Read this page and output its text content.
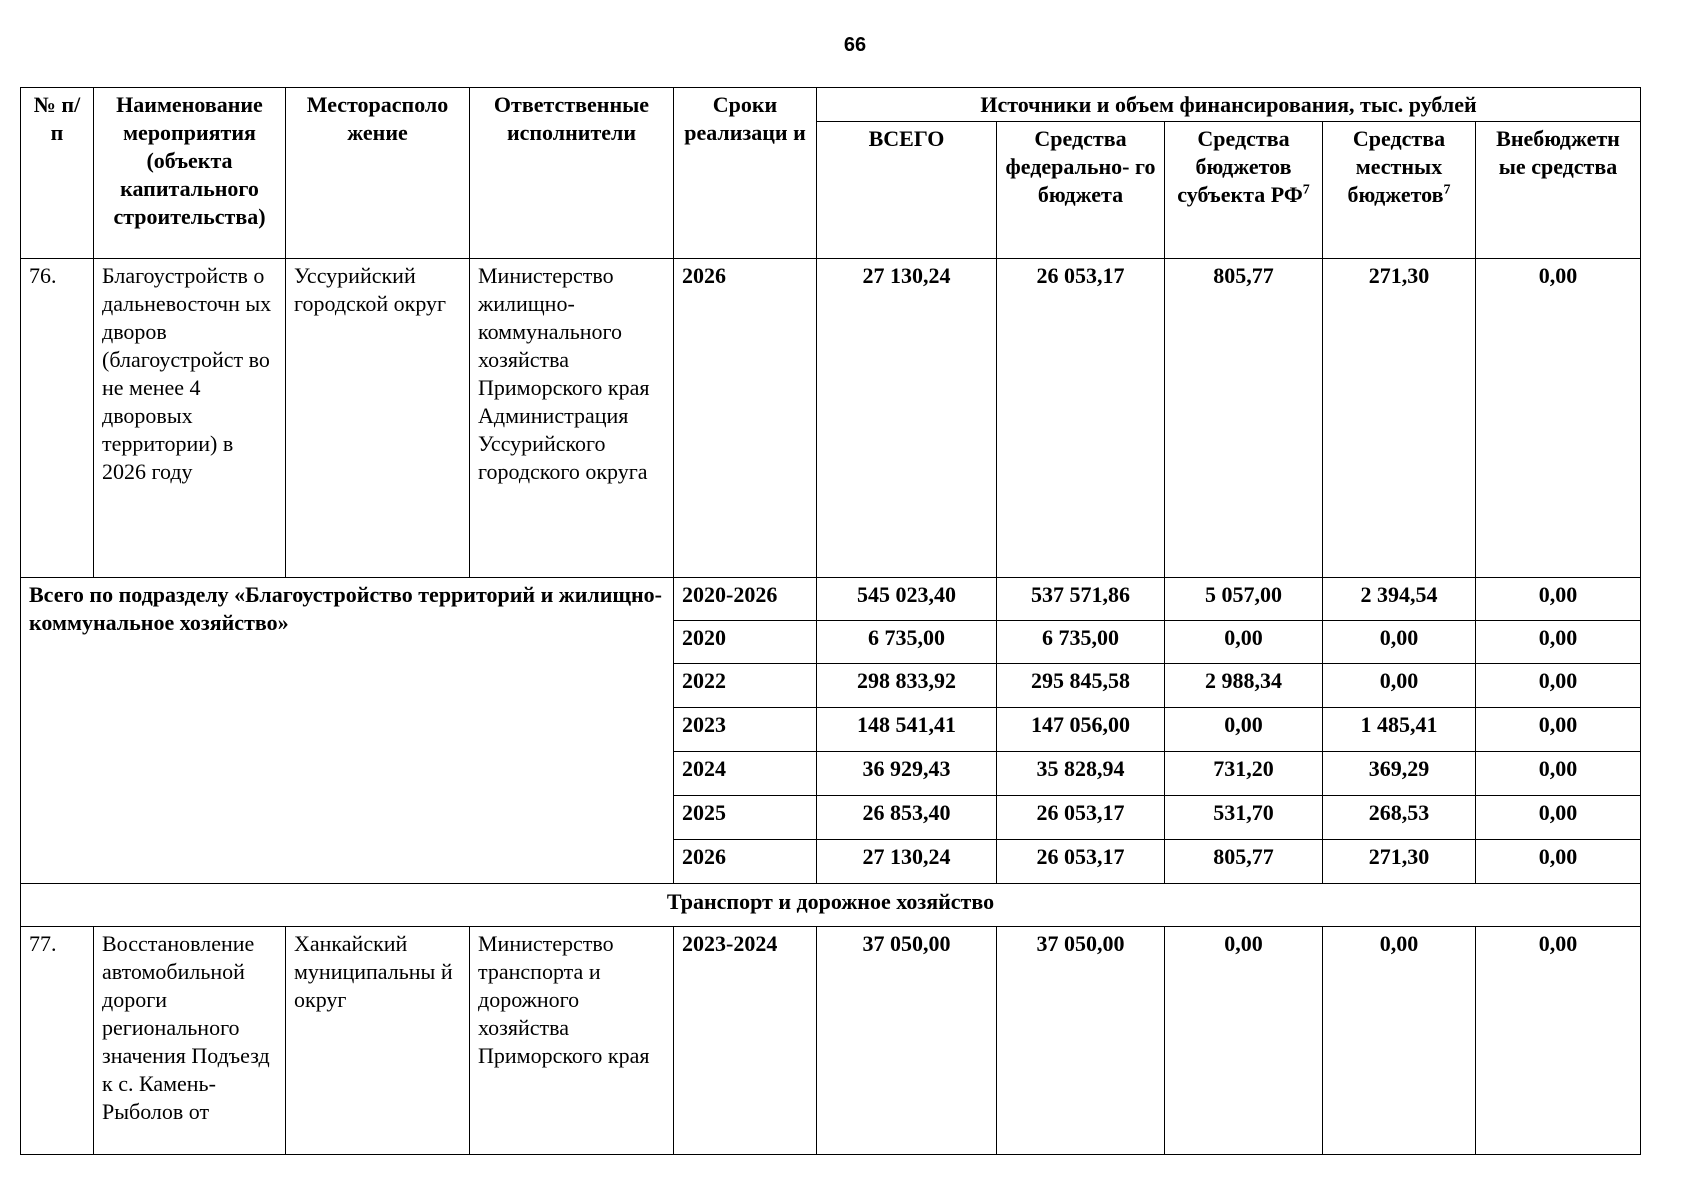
66
№ п/п	Наименование мероприятия (объекта капитального строительства)	Месторасполо жение	Ответственные исполнители	Сроки реализаци и	Источники и объем финансирования, тыс. рублей				
					ВСЕГО	Средства федерально- го бюджета	Средства бюджетов субъекта $РФ^7$	Средства местных бюджетов$^7$	Внебюджетн ые средства
76.	Благоустройств о дальневосточн ых дворов (благоустройст во не менее 4 дворовых территории) в 2026 году	Уссурийский городской округ	Министерство жилищно- коммунального хозяйства Приморского края Администрация Уссурийского городского округа	2026	27 130,24	26 053,17	805,77	271,30	0,00
Всего по подразделу «Благоустройство территорий и жилищно-коммунальное хозяйство»				2020-2026	545 023,40	537 571,86	5 057,00	2 394,54	0,00
				2020	6 735,00	6 735,00	0,00	0,00	0,00
				2022	298 833,92	295 845,58	2 988,34	0,00	0,00
				2023	148 541,41	147 056,00	0,00	1 485,41	0,00
				2024	36 929,43	35 828,94	731,20	369,29	0,00
				2025	26 853,40	26 053,17	531,70	268,53	0,00
				2026	27 130,24	26 053,17	805,77	271,30	0,00
Транспорт и дорожное хозяйство									
77.	Восстановление автомобильной дороги регионального значения Подъезд к с. Камень- Рыболов от	Ханкайский муниципальны й округ	Министерство транспорта и дорожного хозяйства Приморского края	2023-2024	37 050,00	37 050,00	0,00	0,00	0,00
